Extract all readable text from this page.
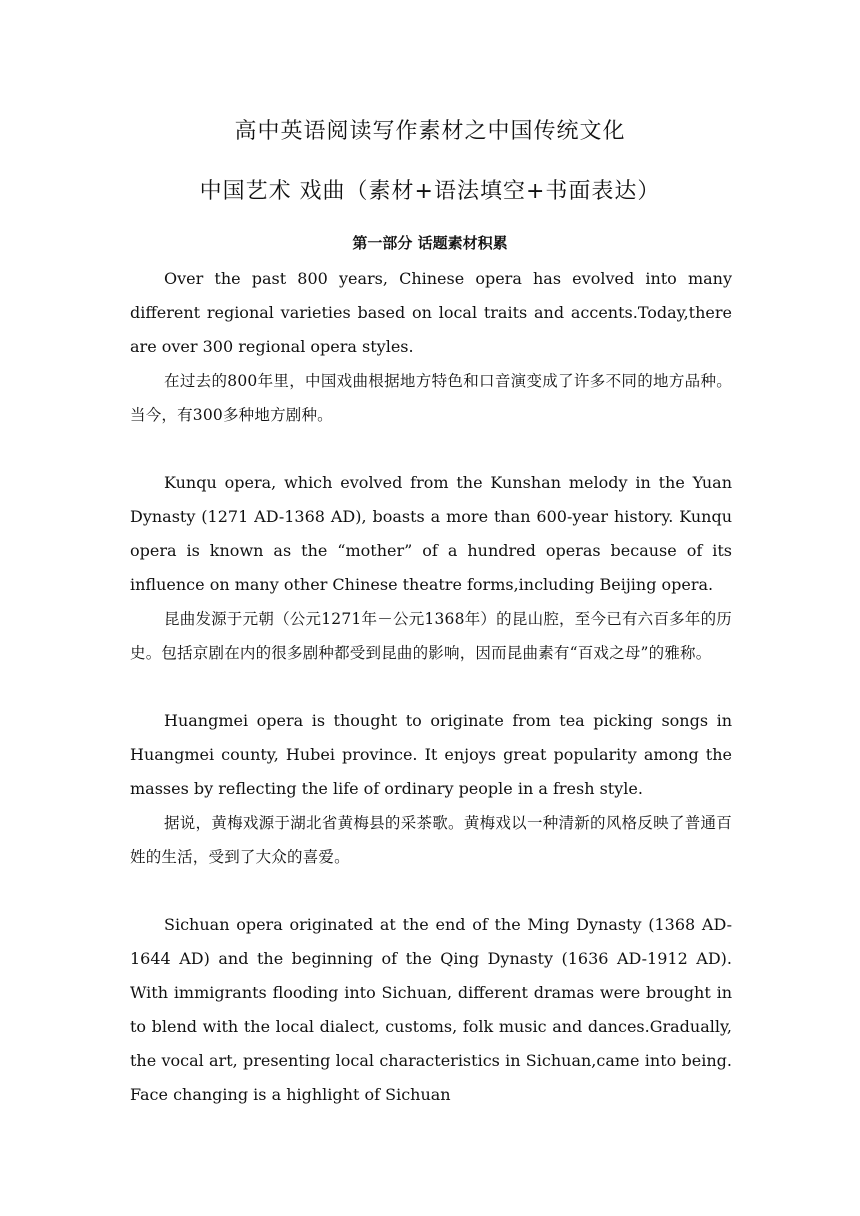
高中英语阅读写作素材之中国传统文化
中国艺术 戏曲（素材+语法填空+书面表达）
第一部分 话题素材积累

Over the past 800 years, Chinese opera has evolved into many different regional varieties based on local traits and accents.Today,there are over 300 regional opera styles.

在过去的800年里，中国戏曲根据地方特色和口音演变成了许多不同的地方品种。当今，有300多种地方剧种。

Kunqu opera, which evolved from the Kunshan melody in the Yuan Dynasty (1271 AD-1368 AD), boasts a more than 600-year history. Kunqu opera is known as the “mother” of a hundred operas because of its influence on many other Chinese theatre forms,including Beijing opera.

昆曲发源于元朝（公元1271年－公元1368年）的昆山腔，至今已有六百多年的历史。包括京剧在内的很多剧种都受到昆曲的影响，因而昆曲素有“百戏之母”的雅称。

Huangmei opera is thought to originate from tea picking songs in Huangmei county, Hubei province. It enjoys great popularity among the masses by reflecting the life of ordinary people in a fresh style.

据说，黄梅戏源于湖北省黄梅县的采茶歌。黄梅戏以一种清新的风格反映了普通百姓的生活，受到了大众的喜爱。

Sichuan opera originated at the end of the Ming Dynasty (1368 AD-1644 AD) and the beginning of the Qing Dynasty (1636 AD-1912 AD). With immigrants flooding into Sichuan, different dramas were brought in to blend with the local dialect, customs, folk music and dances.Gradually, the vocal art, presenting local characteristics in Sichuan,came into being. Face changing is a highlight of Sichuan
